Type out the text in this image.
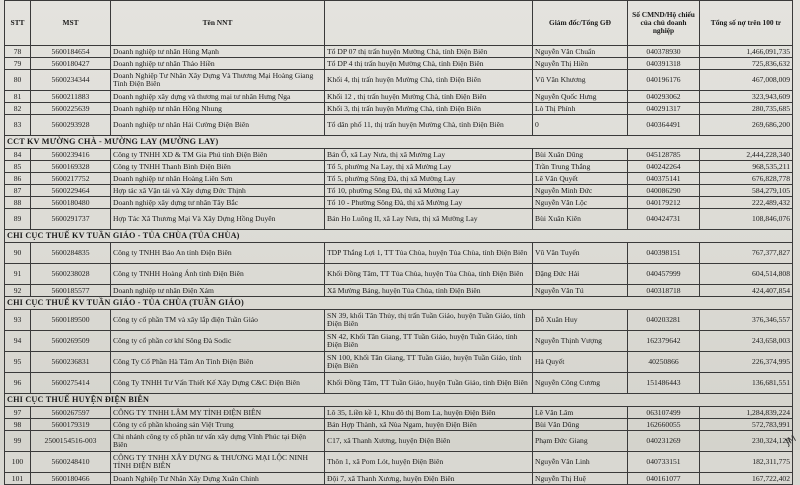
STT	MST	Tên NNT		Giám đốc/Tổng GĐ	Số CMND/Hộ chiếu của chủ doanh nghiệp	Tổng số nợ trên 100 tr
78	5600184654	Doanh nghiệp tư nhân Hùng Mạnh	Tổ DP 07 thị trấn huyện Mường Chà, tỉnh Điện Biên	Nguyễn Văn Chuẩn	040378930	1,466,091,735
79	5600180427	Doanh nghiệp tư nhân Thảo Hiền	Tổ DP 4 thị trấn huyện Mường Chà, tỉnh Điện Biên	Nguyễn Thị Hiền	040391318	725,836,632
80	5600234344	Doanh Nghiệp Tư Nhân Xây Dựng Và Thương Mại Hoàng Giang Tỉnh Điện Biên	Khối 4, thị trấn huyện Mường Chà, tỉnh Điện Biên	Vũ Văn Khương	040196176	467,008,009
81	5600211883	Doanh nghiệp xây dựng và thương mại tư nhân Hưng Nga	Khối 12 , thị trấn huyện Mường Chà, tỉnh Điện Biên	Nguyễn Quốc Hưng	040293062	323,943,609
82	5600225639	Doanh nghiệp tư nhân Hồng Nhung	Khối 3, thị trấn huyện Mường Chà, tỉnh Điện Biên	Lò Thị Phính	040291317	280,735,685
83	5600293928	Doanh nghiệp tư nhân Hải Cường Điện Biên	Tổ dân phố 11, thị trấn huyện Mường Chà, tỉnh Điện Biên	0	040364491	269,686,200
CCT KV MƯỜNG CHÀ - MƯỜNG LAY (MƯỜNG LAY)						
84	5600239416	Công ty TNHH XD & TM Gia Phú tỉnh Điện Biên	Bản Ổ, xã Lay Nưa, thị xã Mường Lay	Bùi Xuân Dũng	045128785	2,444,228,340
85	5600169328	Công ty TNHH Thanh Bình Điện Biên	Tổ 5, phường Na Lay, thị xã Mường Lay	Trần Trung Thắng	040242264	968,535,211
86	5600217752	Doanh nghiệp tư nhân Hoàng Liên Sơn	Tổ 5, phường Sông Đà, thị xã Mường Lay	Lê Văn Quyết	040375141	676,828,778
87	5600229464	Hợp tác xã Vận tải và Xây dựng Đức Thịnh	Tổ 10, phường Sông Đà, thị xã Mường Lay	Nguyễn Minh Đức	040086290	584,279,105
88	5600180480	Doanh nghiệp xây dựng tư nhân Tây Bắc	Tổ 10 - Phường Sông Đà, thị xã Mường Lay	Nguyễn Văn Lộc	040179212	222,489,432
89	5600291737	Hợp Tác Xã Thương Mại Và Xây Dựng Hồng Duyên	Bản Ho Luông II, xã Lay Nưa, thị xã Mường Lay	Bùi Xuân Kiên	040424731	108,846,076
CHI CỤC THUẾ KV TUẦN GIÁO - TỦA CHÙA (TỦA CHÙA)						
90	5600284835	Công ty TNHH Bảo An tỉnh Điện Biên	TDP Thắng Lợi 1, TT Tủa Chùa, huyện Tủa Chùa, tỉnh Điện Biên	Vũ Văn Tuyến	040398151	767,377,827
91	5600238028	Công ty TNHH Hoàng Ánh tỉnh Điện Biên	Khối Đồng Tâm, TT Tủa Chùa, huyện Tủa Chùa, tỉnh Điện Biên	Đặng Đức Hải	040457999	604,514,808
92	5600185577	Doanh nghiệp tư nhân Điện Xám	Xã Mường Báng, huyện Tủa Chùa, tỉnh Điện Biên	Nguyễn Văn Tú	040318718	424,407,854
CHI CỤC THUẾ KV TUẦN GIÁO - TỦA CHÙA (TUẦN GIÁO)						
93	5600189500	Công ty cổ phần TM và xây lắp điện Tuần Giáo	SN 39, khối Tân Thủy, thị trấn Tuần Giáo, huyện Tuần Giáo, tỉnh Điện Biên	Đỗ Xuân Huy	040203281	376,346,557
94	5600269509	Công ty cổ phần cơ khí Sông Đà Sodic	SN 42, Khối Tân Giang, TT Tuần Giáo, huyện Tuần Giáo, tỉnh Điện Biên	Nguyễn Thịnh Vượng	162379642	243,658,003
95	5600236831	Công Ty Cổ Phần Hà Tâm An Tỉnh Điện Biên	SN 100, Khối Tân Giang, TT Tuần Giáo, huyện Tuần Giáo, tỉnh Điện Biên	Hà Quyết	40250866	226,374,995
96	5600275414	Công Ty TNHH Tư Vấn Thiết Kế Xây Dựng C&C Điện Biên	Khối Đồng Tâm, TT Tuần Giáo, huyện Tuần Giáo, tỉnh Điện Biên	Nguyễn Công Cương	151486443	136,681,551
CHI CỤC THUẾ HUYỆN ĐIỆN BIÊN						
97	5600267597	CÔNG TY TNHH LÂM MY TỈNH ĐIỆN BIÊN	Lô 35, Liền kề 1, Khu đô thị Bom La, huyện Điện Biên	Lê Văn Lâm	063107499	1,284,839,224
98	5600179319	Công ty cổ phần khoáng sản Việt Trung	Bản Hợp Thành, xã Nùa Ngam, huyện Điện Biên	Bùi Văn Dũng	162660055	572,783,991
99	2500154516-003	Chi nhánh công ty cổ phần tư vấn xây dựng Vĩnh Phúc tại Điện Biên	C17, xã Thanh Xương, huyện Điện Biên	Phạm Đức Giang	040231269	230,324,129
100	5600248410	CÔNG TY TNHH XÂY DỰNG & THƯƠNG MẠI LỘC NINH TỈNH ĐIỆN BIÊN	Thôn 1, xã Pom Lót, huyện Điện Biên	Nguyễn Văn Linh	040733151	182,311,775
101	5600180466	Doanh Nghiệp Tư Nhân Xây Dựng Xuân Chinh	Đội 7, xã Thanh Xương, huyện Điện Biên	Nguyễn Thị Huệ	040161077	167,722,402
JM
